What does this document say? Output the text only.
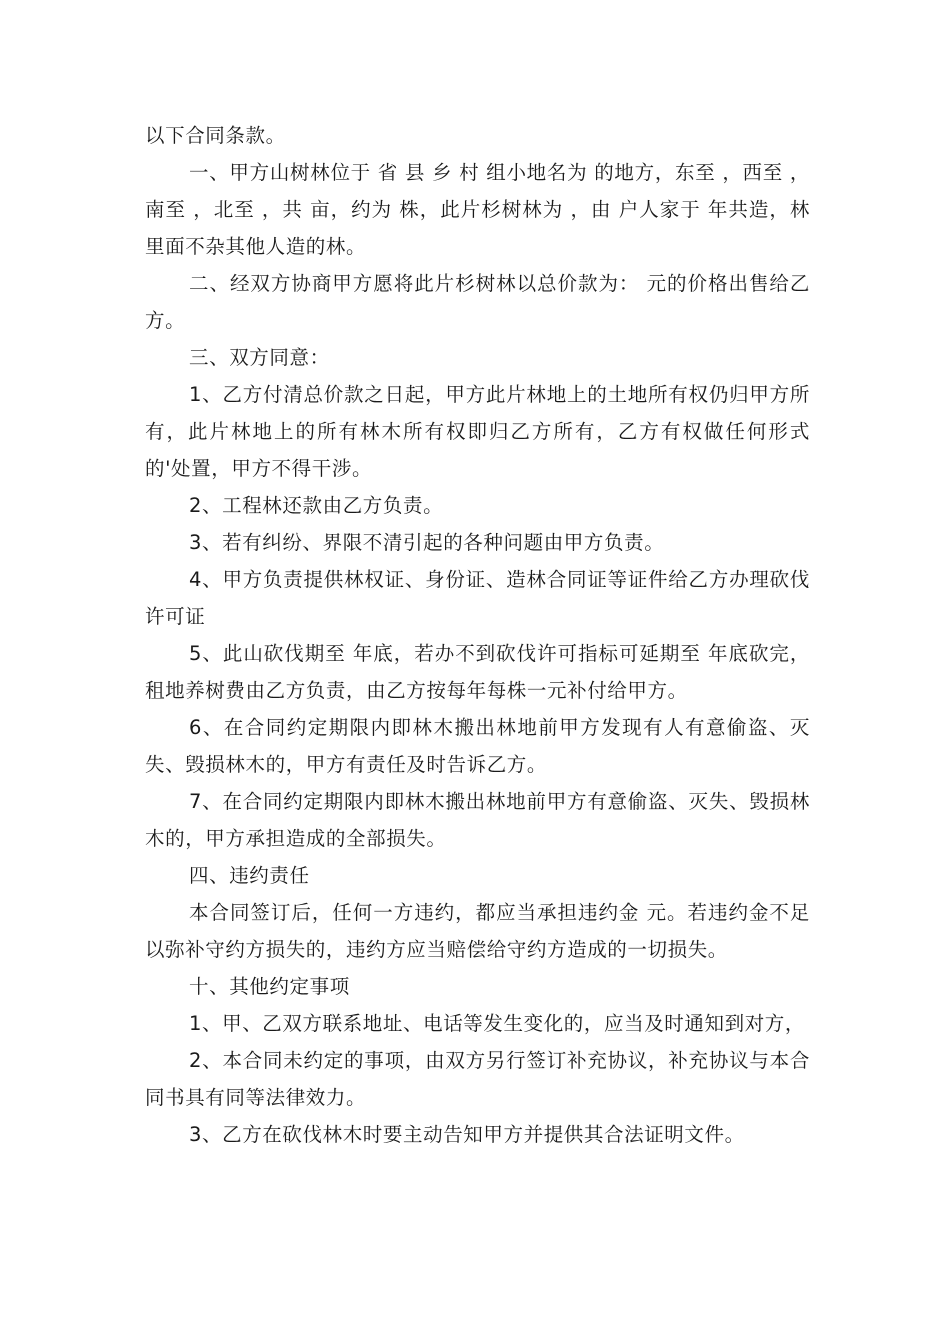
以下合同条款。

一、甲方山树林位于 省 县 乡 村 组小地名为 的地方，东至 ，西至 ，南至 ，北至 ，共 亩，约为 株，此片杉树林为 ，由 户人家于 年共造，林里面不杂其他人造的林。

二、经双方协商甲方愿将此片杉树林以总价款为： 元的价格出售给乙方。

三、双方同意：

1、乙方付清总价款之日起，甲方此片林地上的土地所有权仍归甲方所有，此片林地上的所有林木所有权即归乙方所有，乙方有权做任何形式的'处置，甲方不得干涉。

2、工程林还款由乙方负责。

3、若有纠纷、界限不清引起的各种问题由甲方负责。

4、甲方负责提供林权证、身份证、造林合同证等证件给乙方办理砍伐许可证

5、此山砍伐期至 年底，若办不到砍伐许可指标可延期至 年底砍完，租地养树费由乙方负责，由乙方按每年每株一元补付给甲方。

6、在合同约定期限内即林木搬出林地前甲方发现有人有意偷盗、灭失、毁损林木的，甲方有责任及时告诉乙方。

7、在合同约定期限内即林木搬出林地前甲方有意偷盗、灭失、毁损林木的，甲方承担造成的全部损失。

四、违约责任

本合同签订后，任何一方违约，都应当承担违约金 元。若违约金不足以弥补守约方损失的，违约方应当赔偿给守约方造成的一切损失。

十、其他约定事项

1、甲、乙双方联系地址、电话等发生变化的，应当及时通知到对方，

2、本合同未约定的事项，由双方另行签订补充协议，补充协议与本合同书具有同等法律效力。

3、乙方在砍伐林木时要主动告知甲方并提供其合法证明文件。
